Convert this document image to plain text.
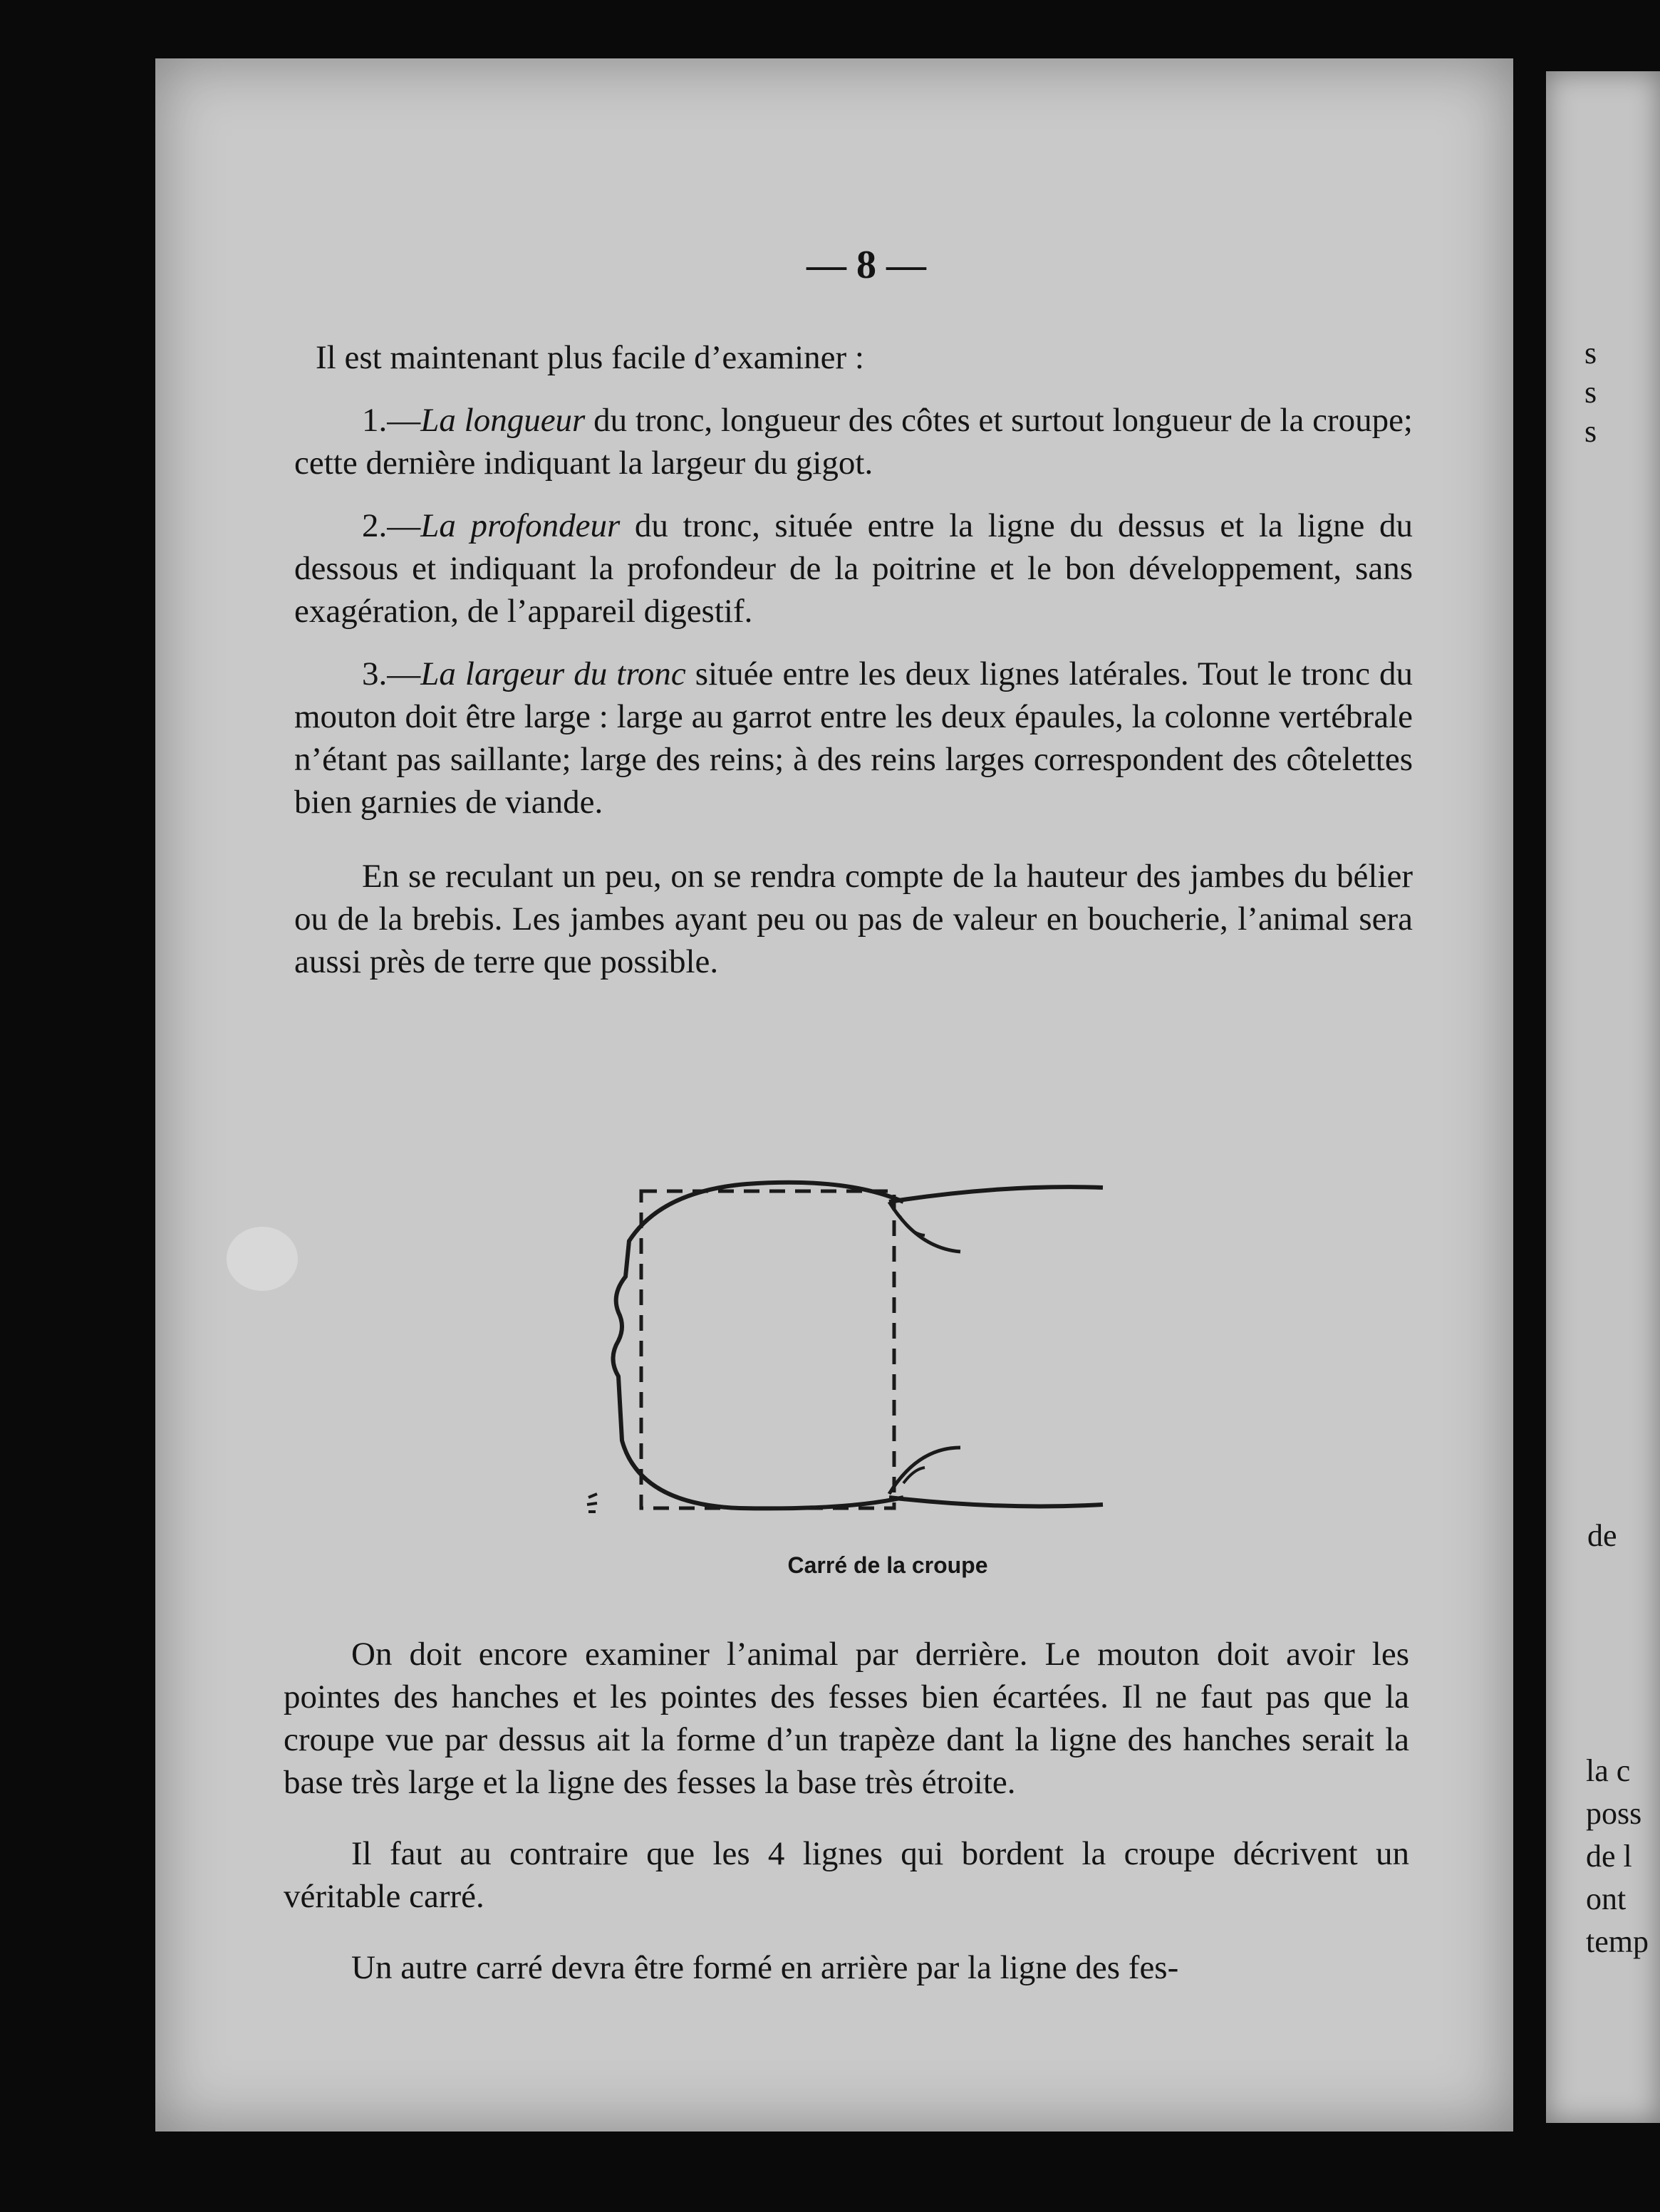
— 8 —

Il est maintenant plus facile d’examiner :

1.—La longueur du tronc, longueur des côtes et surtout longueur de la croupe; cette dernière indiquant la largeur du gigot.

2.—La profondeur du tronc, située entre la ligne du dessus et la ligne du dessous et indiquant la profondeur de la poitrine et le bon développement, sans exagération, de l’appareil digestif.

3.—La largeur du tronc située entre les deux lignes latérales. Tout le tronc du mouton doit être large : large au garrot entre les deux épaules, la colonne vertébrale n’étant pas saillante; large des reins; à des reins larges correspondent des côtelettes bien garnies de viande.

En se reculant un peu, on se rendra compte de la hauteur des jambes du bélier ou de la brebis. Les jambes ayant peu ou pas de valeur en boucherie, l’animal sera aussi près de terre que possible.

Carré de la croupe

On doit encore examiner l’animal par derrière. Le mouton doit avoir les pointes des hanches et les pointes des fesses bien écartées. Il ne faut pas que la croupe vue par dessus ait la forme d’un trapèze dant la ligne des hanches serait la base très large et la ligne des fesses la base très étroite.

Il faut au contraire que les 4 lignes qui bordent la croupe décrivent un véritable carré.

Un autre carré devra être formé en arrière par la ligne des fes-

s
s
s
de
la c
poss
de l
ont
temp
